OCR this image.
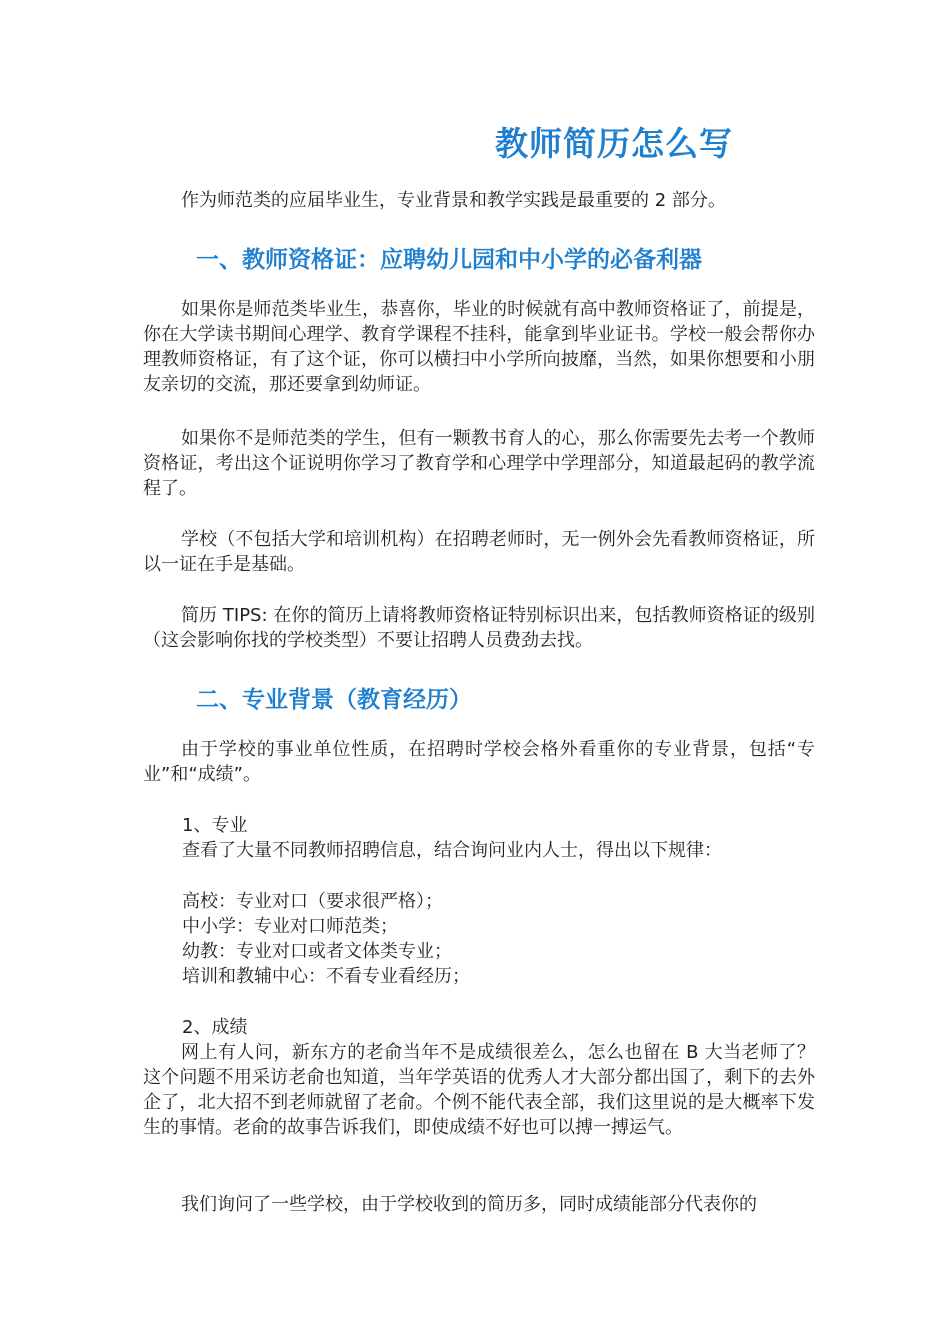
教师简历怎么写
作为师范类的应届毕业生，专业背景和教学实践是最重要的 2 部分。
一、教师资格证：应聘幼儿园和中小学的必备利器
如果你是师范类毕业生，恭喜你，毕业的时候就有高中教师资格证了，前提是，你在大学读书期间心理学、教育学课程不挂科，能拿到毕业证书。学校一般会帮你办理教师资格证，有了这个证，你可以横扫中小学所向披靡，当然，如果你想要和小朋友亲切的交流，那还要拿到幼师证。
如果你不是师范类的学生，但有一颗教书育人的心，那么你需要先去考一个教师资格证，考出这个证说明你学习了教育学和心理学中学理部分，知道最起码的教学流程了。
学校（不包括大学和培训机构）在招聘老师时，无一例外会先看教师资格证，所以一证在手是基础。
简历 TIPS: 在你的简历上请将教师资格证特别标识出来，包括教师资格证的级别（这会影响你找的学校类型）不要让招聘人员费劲去找。
二、专业背景（教育经历）
由于学校的事业单位性质，在招聘时学校会格外看重你的专业背景，包括“专业”和“成绩”。
1、专业
查看了大量不同教师招聘信息，结合询问业内人士，得出以下规律：
高校：专业对口（要求很严格）；
中小学：专业对口师范类；
幼教：专业对口或者文体类专业；
培训和教辅中心：不看专业看经历；
2、成绩
网上有人问，新东方的老俞当年不是成绩很差么，怎么也留在 B 大当老师了？这个问题不用采访老俞也知道，当年学英语的优秀人才大部分都出国了，剩下的去外企了，北大招不到老师就留了老俞。个例不能代表全部，我们这里说的是大概率下发生的事情。老俞的故事告诉我们，即使成绩不好也可以搏一搏运气。
我们询问了一些学校，由于学校收到的简历多，同时成绩能部分代表你的
